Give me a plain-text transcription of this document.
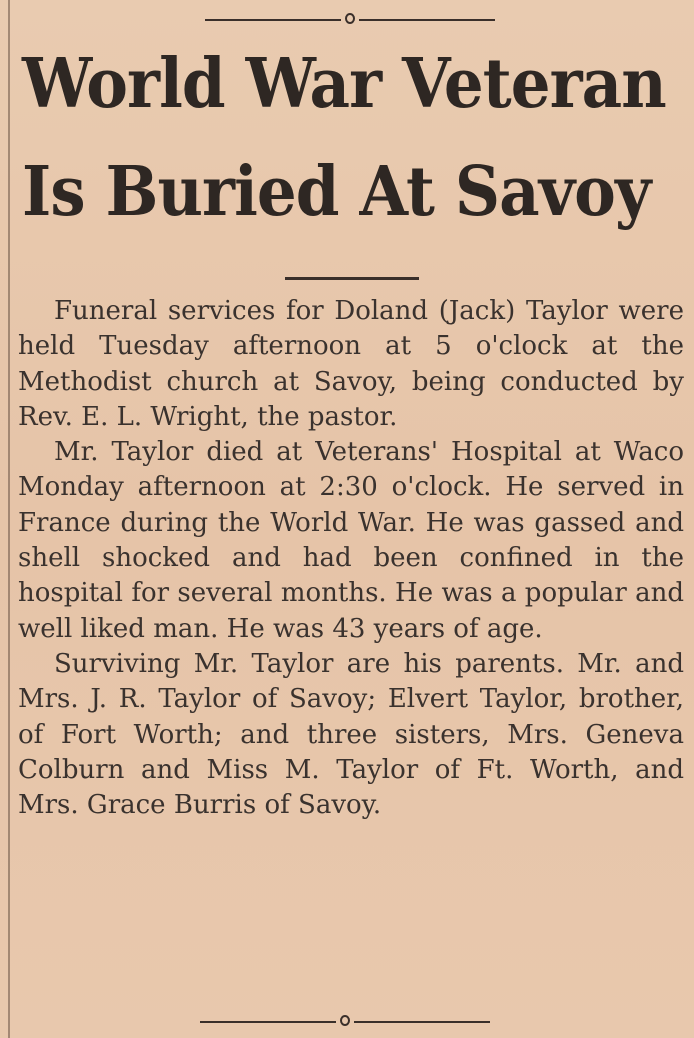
World War Veteran
Is Buried At Savoy

Funeral services for Doland (Jack) Taylor were held Tuesday afternoon at 5 o'clock at the Methodist church at Savoy, being conducted by Rev. E. L. Wright, the pastor.

Mr. Taylor died at Veterans' Hospital at Waco Monday afternoon at 2:30 o'clock. He served in France during the World War. He was gassed and shell shocked and had been confined in the hospital for several months. He was a popular and well liked man. He was 43 years of age.

Surviving Mr. Taylor are his parents. Mr. and Mrs. J. R. Taylor of Savoy; Elvert Taylor, brother, of Fort Worth; and three sisters, Mrs. Geneva Colburn and Miss M. Taylor of Ft. Worth, and Mrs. Grace Burris of Savoy.
